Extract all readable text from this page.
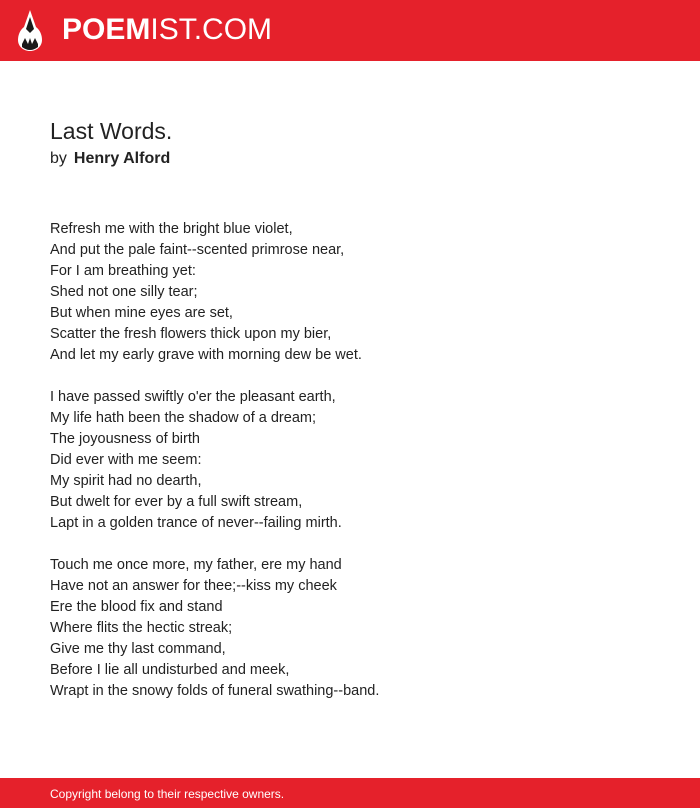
POEMIST.COM
Last Words.
by Henry Alford
Refresh me with the bright blue violet,
And put the pale faint--scented primrose near,
For I am breathing yet:
Shed not one silly tear;
But when mine eyes are set,
Scatter the fresh flowers thick upon my bier,
And let my early grave with morning dew be wet.
I have passed swiftly o'er the pleasant earth,
My life hath been the shadow of a dream;
The joyousness of birth
Did ever with me seem:
My spirit had no dearth,
But dwelt for ever by a full swift stream,
Lapt in a golden trance of never--failing mirth.
Touch me once more, my father, ere my hand
Have not an answer for thee;--kiss my cheek
Ere the blood fix and stand
Where flits the hectic streak;
Give me thy last command,
Before I lie all undisturbed and meek,
Wrapt in the snowy folds of funeral swathing--band.
Copyright belong to their respective owners.
